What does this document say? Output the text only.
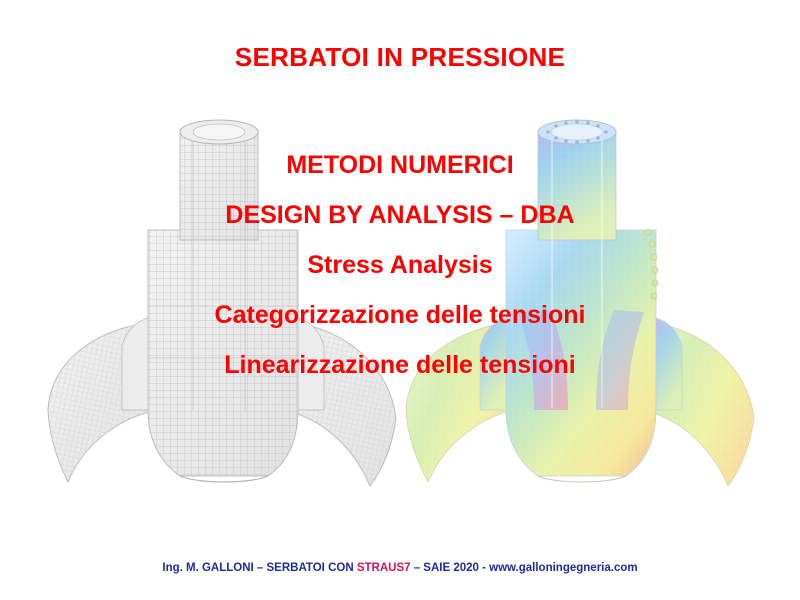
SERBATOI IN PRESSIONE
METODI NUMERICI
DESIGN BY ANALYSIS – DBA
Stress Analysis
Categorizzazione delle tensioni
Linearizzazione delle tensioni
Ing. M. GALLONI – SERBATOI CON STRAUS7 – SAIE 2020 - www.galloningegneria.com
